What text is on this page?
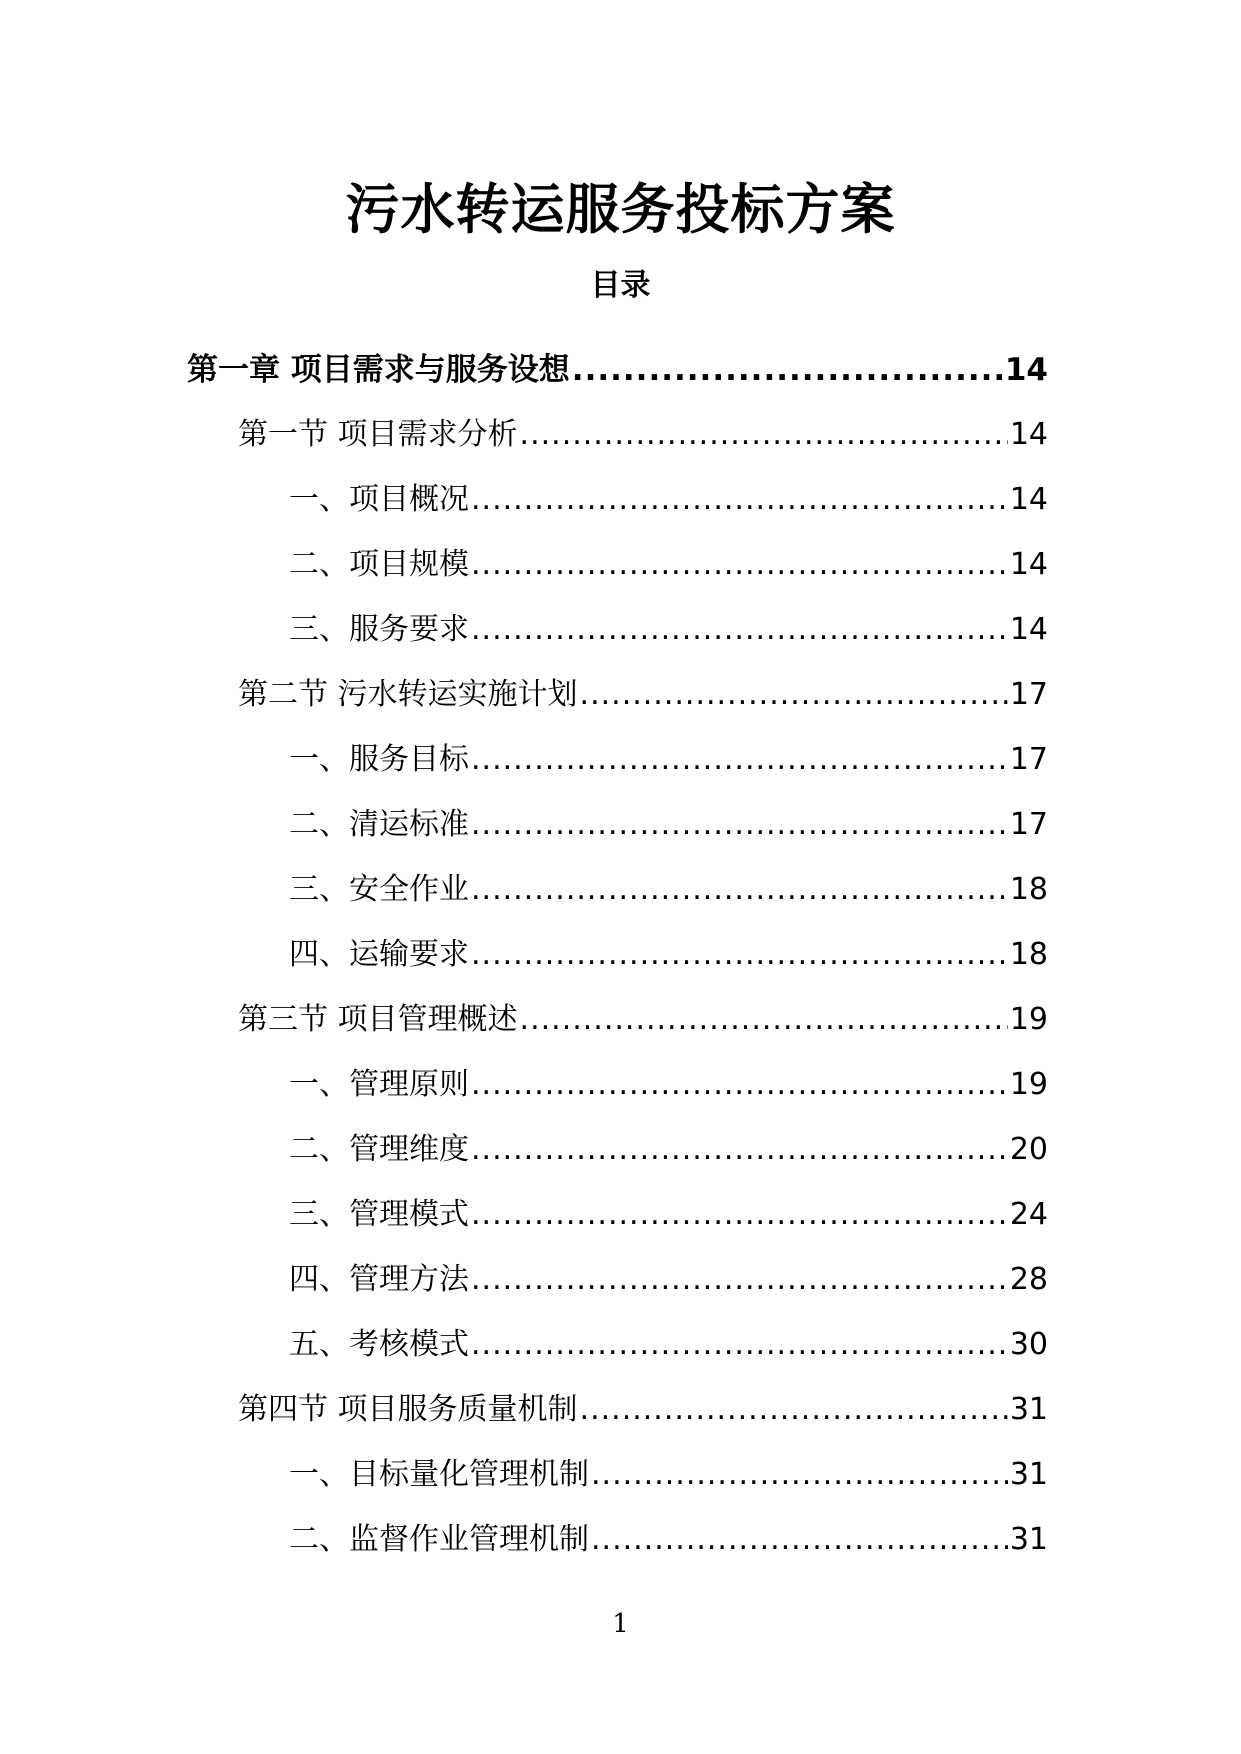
污水转运服务投标方案
目录
第一章 项目需求与服务设想 .....	14
第一节 项目需求分析 .....	14
一、项目概况 .....	14
二、项目规模 .....	14
三、服务要求 .....	14
第二节 污水转运实施计划 .....	17
一、服务目标 .....	17
二、清运标准 .....	17
三、安全作业 .....	18
四、运输要求 .....	18
第三节 项目管理概述 .....	19
一、管理原则 .....	19
二、管理维度 .....	20
三、管理模式 .....	24
四、管理方法 .....	28
五、考核模式 .....	30
第四节 项目服务质量机制 .....	31
一、目标量化管理机制 .....	31
二、监督作业管理机制 .....	31
1
